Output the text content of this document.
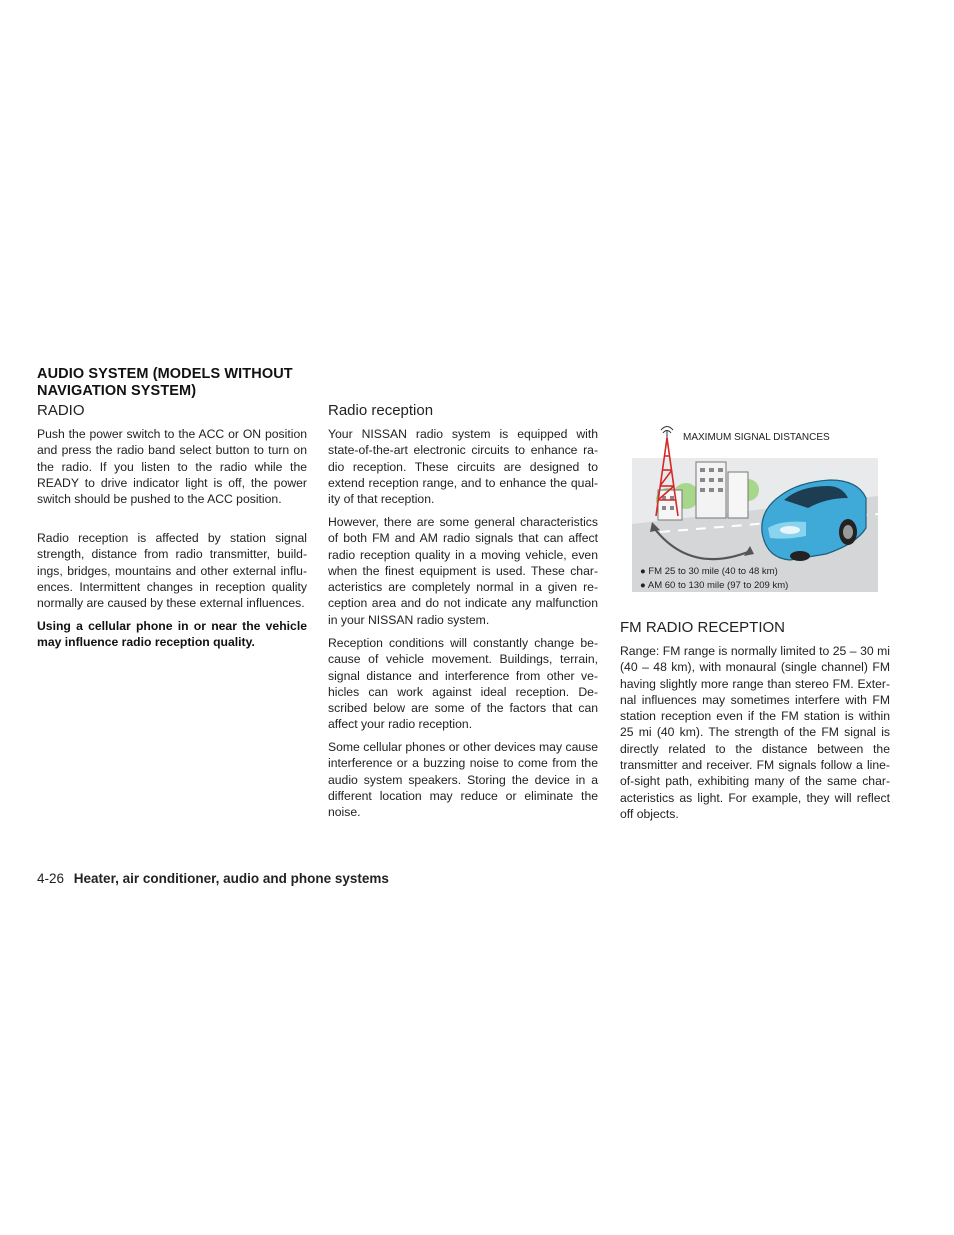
AUDIO SYSTEM (MODELS WITHOUT NAVIGATION SYSTEM)
RADIO

Push the power switch to the ACC or ON position and press the radio band select button to turn on the radio. If you listen to the radio while the READY to drive indicator light is off, the power switch should be pushed to the ACC position.

Radio reception is affected by station signal strength, distance from radio transmitter, buildings, bridges, mountains and other external influences. Intermittent changes in reception quality normally are caused by these external influences.

Using a cellular phone in or near the vehicle may influence radio reception quality.

Radio reception

Your NISSAN radio system is equipped with state-of-the-art electronic circuits to enhance radio reception. These circuits are designed to extend reception range, and to enhance the quality of that reception.

However, there are some general characteristics of both FM and AM radio signals that can affect radio reception quality in a moving vehicle, even when the finest equipment is used. These characteristics are completely normal in a given reception area and do not indicate any malfunction in your NISSAN radio system.

Reception conditions will constantly change because of vehicle movement. Buildings, terrain, signal distance and interference from other vehicles can work against ideal reception. Described below are some of the factors that can affect your radio reception.

Some cellular phones or other devices may cause interference or a buzzing noise to come from the audio system speakers. Storing the device in a different location may reduce or eliminate the noise.

MAXIMUM SIGNAL DISTANCES
● FM 25 to 30 mile (40 to 48 km)
● AM 60 to 130 mile (97 to 209 km)
FM RADIO RECEPTION

Range: FM range is normally limited to 25 – 30 mi (40 – 48 km), with monaural (single channel) FM having slightly more range than stereo FM. External influences may sometimes interfere with FM station reception even if the FM station is within 25 mi (40 km). The strength of the FM signal is directly related to the distance between the transmitter and receiver. FM signals follow a line-of-sight path, exhibiting many of the same characteristics as light. For example, they will reflect off objects.

4-26 Heater, air conditioner, audio and phone systems
